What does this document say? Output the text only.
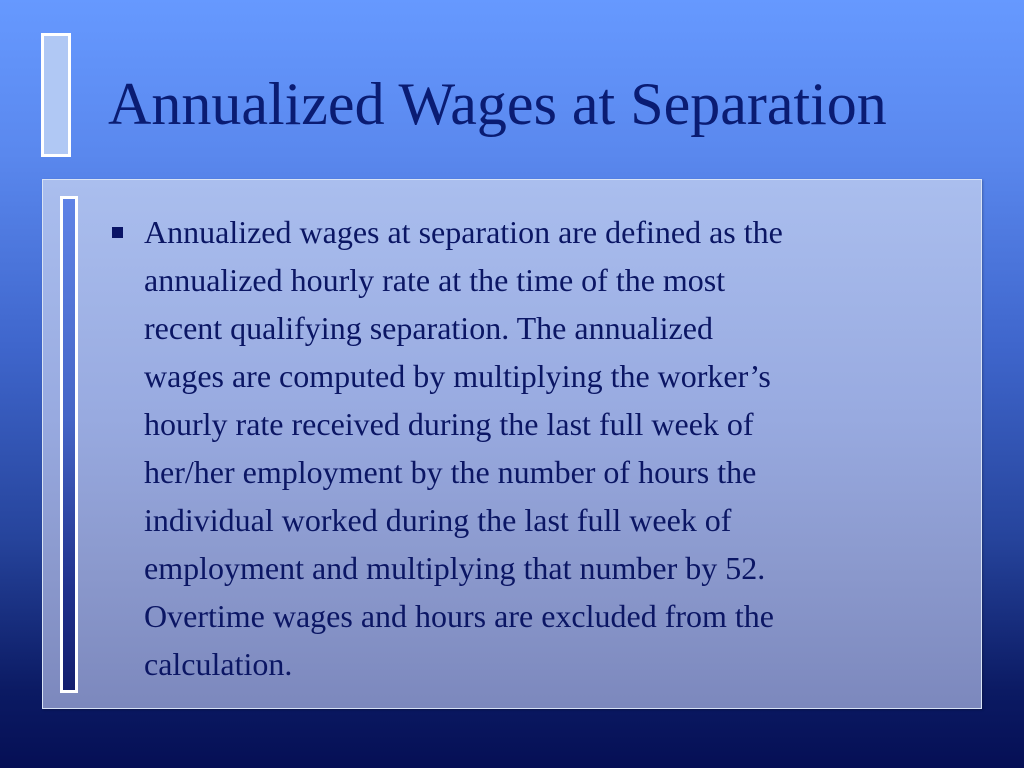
Annualized Wages at Separation

Annualized wages at separation are defined as the
annualized hourly rate at the time of the most
recent qualifying separation. The annualized
wages are computed by multiplying the worker’s
hourly rate received during the last full week of
her/her employment by the number of hours the
individual worked during the last full week of
employment and multiplying that number by 52.
Overtime wages and hours are excluded from the
calculation.
